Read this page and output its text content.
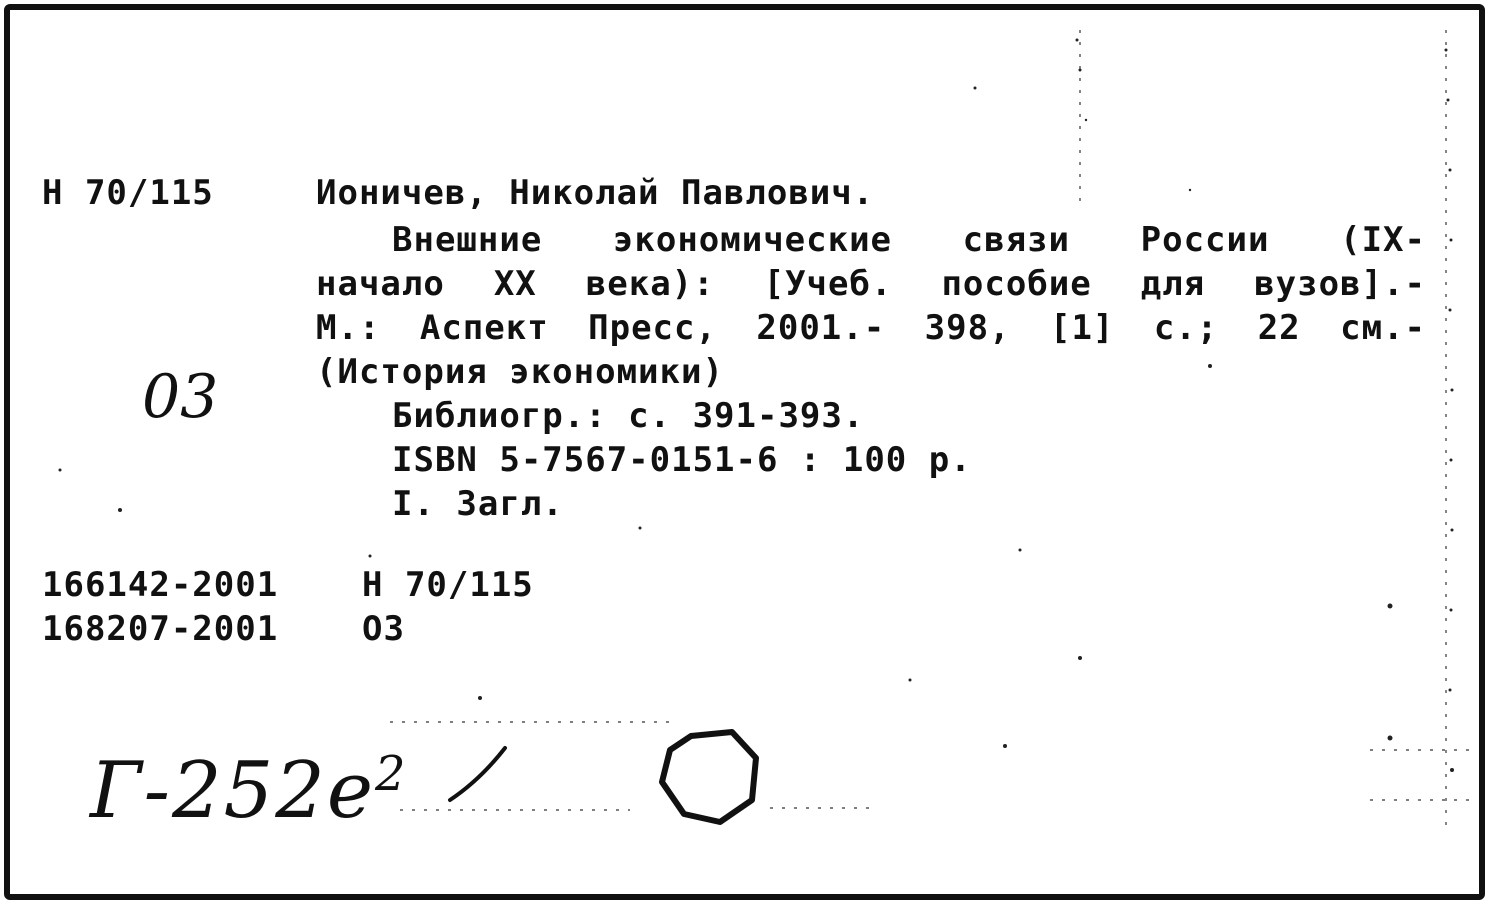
Н 70/115	Ионичев, Николай Павлович.
Внешние экономические связи России (IX-
начало XX века): [Учеб. пособие для вузов].-
М.: Аспект Пресс, 2001.- 398, [1] с.; 22 см.-
(История экономики)
Библиогр.: с. 391-393.
ISBN 5-7567-0151-6 : 100 р.
I. Загл.
03
166142-2001 Н 70/115
168207-2001 О3
$Г-252е^2$
